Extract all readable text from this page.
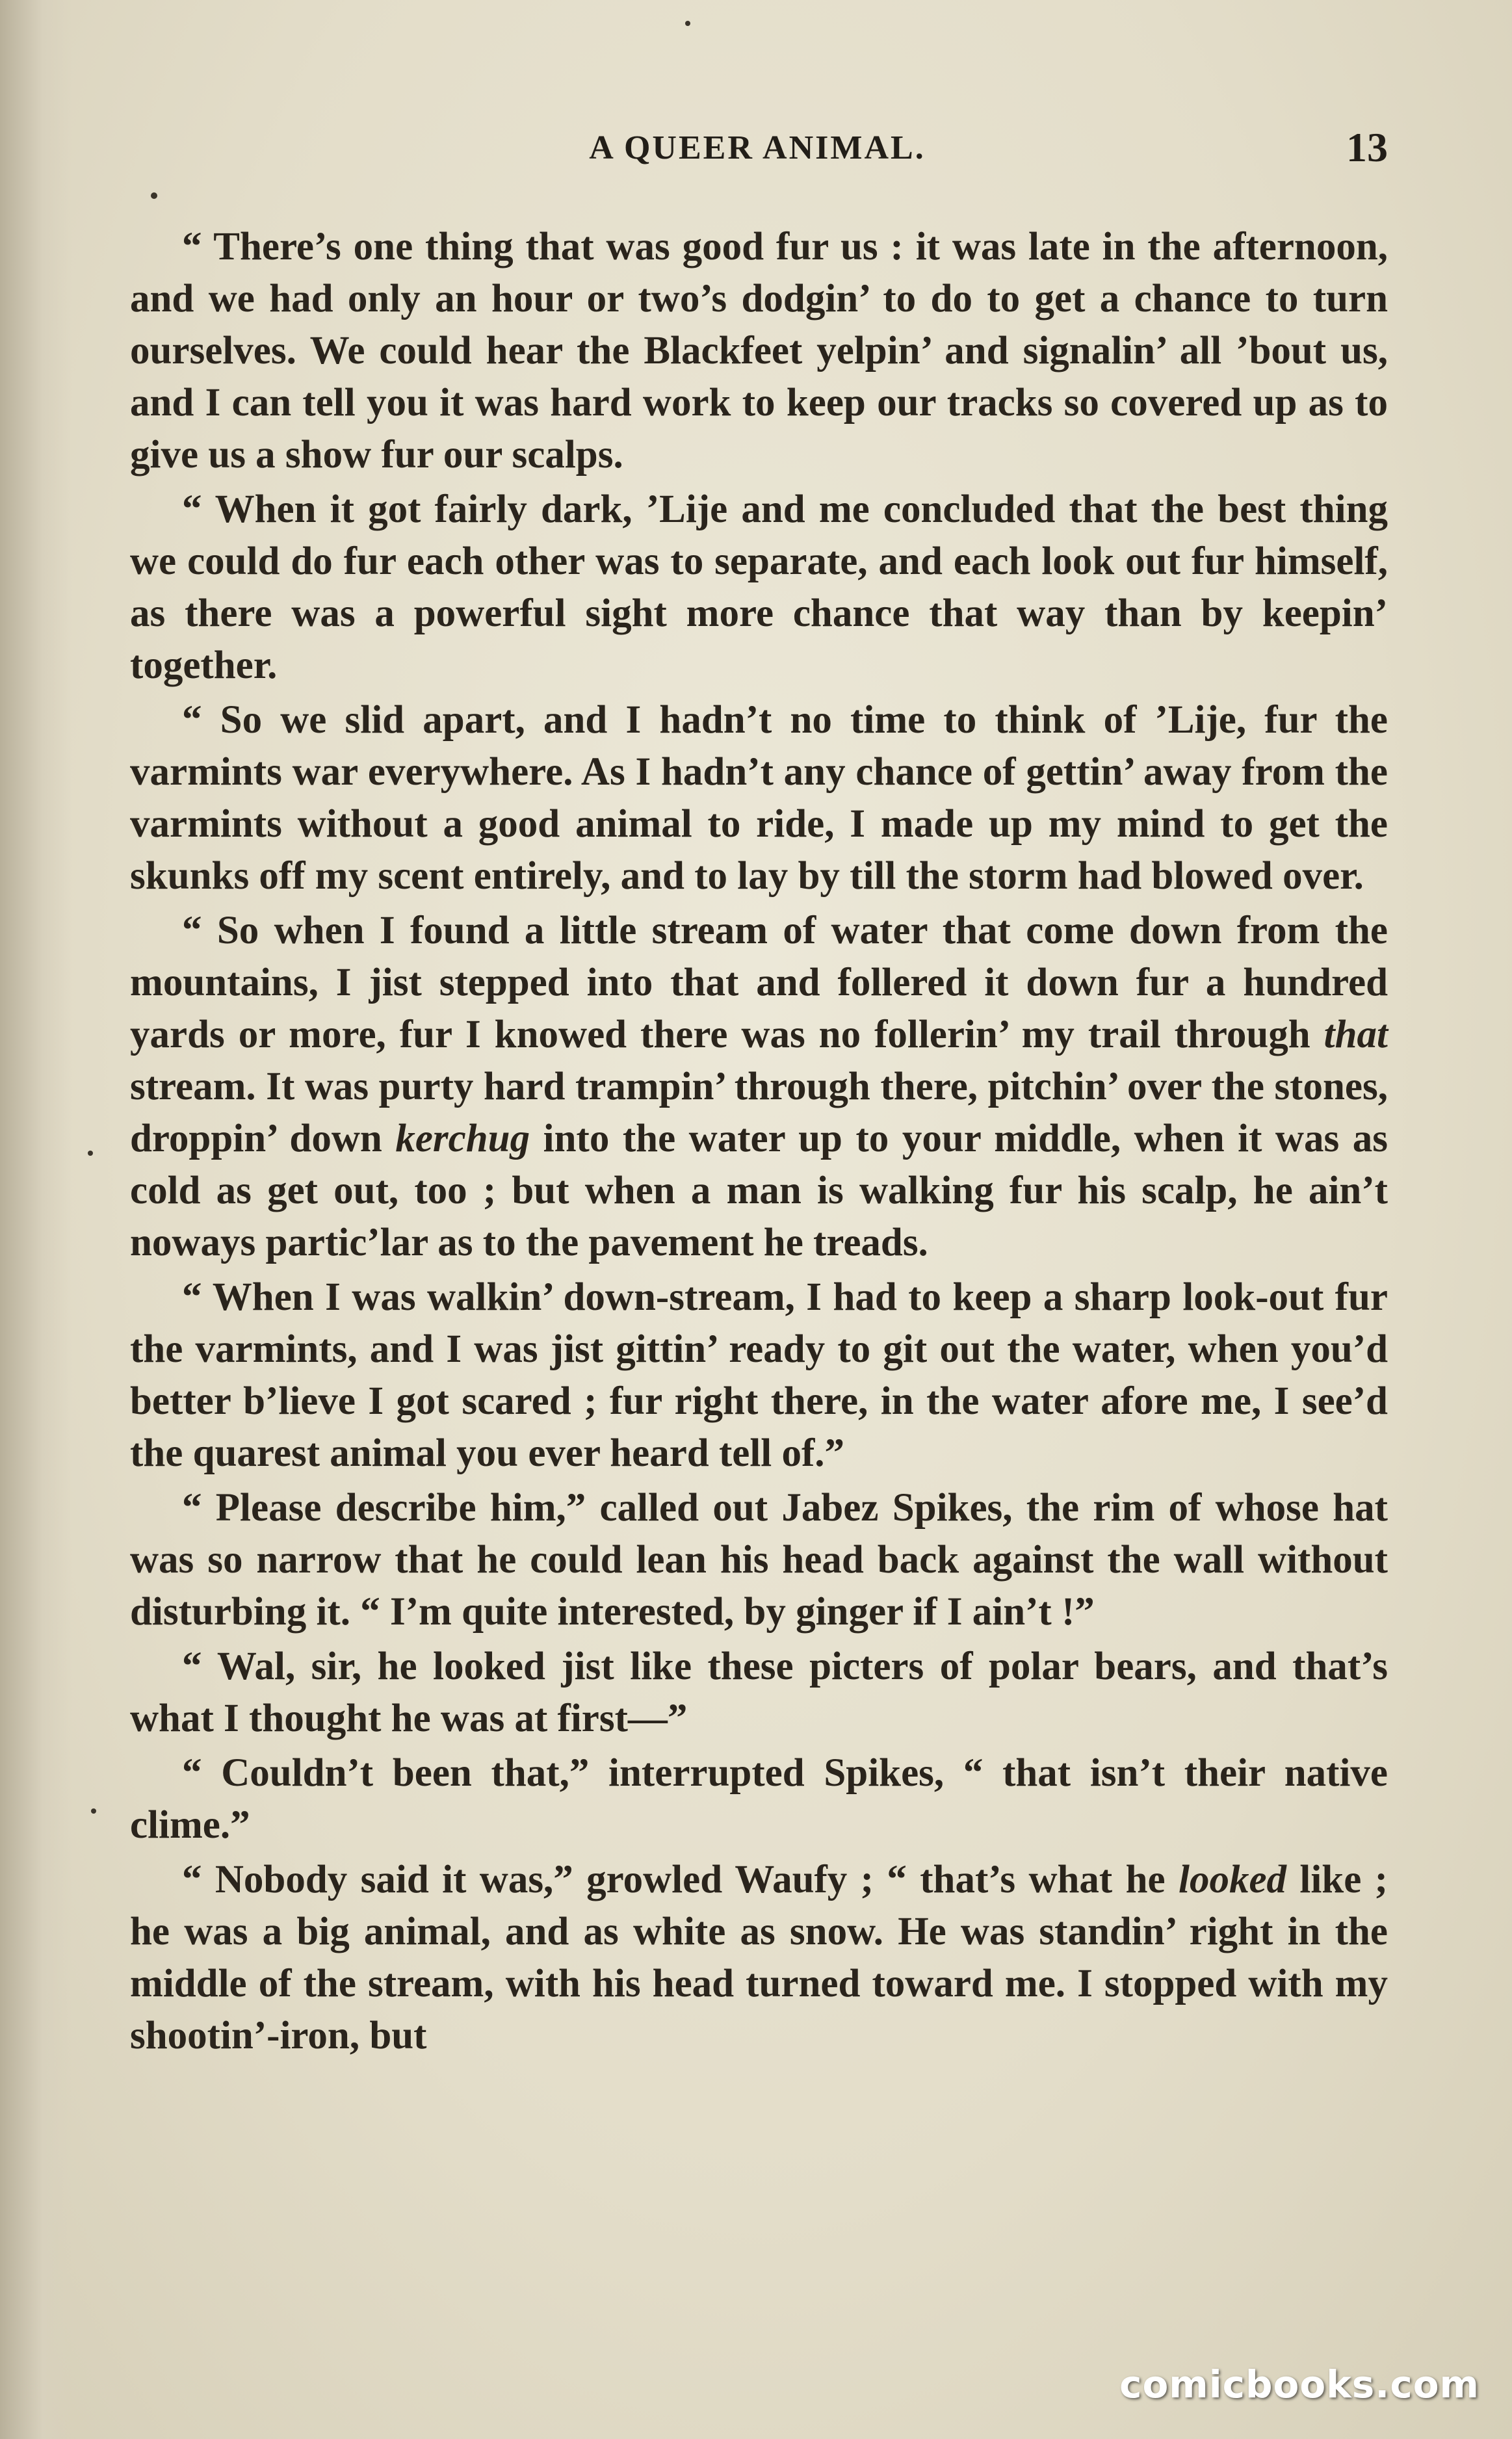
A QUEER ANIMAL.	13

“ There’s one thing that was good fur us : it was late in the afternoon, and we had only an hour or two’s dodgin’ to do to get a chance to turn ourselves. We could hear the Blackfeet yelpin’ and signalin’ all ’bout us, and I can tell you it was hard work to keep our tracks so covered up as to give us a show fur our scalps.

“ When it got fairly dark, ’Lije and me concluded that the best thing we could do fur each other was to separate, and each look out fur himself, as there was a powerful sight more chance that way than by keepin’ together.

“ So we slid apart, and I hadn’t no time to think of ’Lije, fur the varmints war everywhere. As I hadn’t any chance of gettin’ away from the varmints without a good animal to ride, I made up my mind to get the skunks off my scent entirely, and to lay by till the storm had blowed over.

“ So when I found a little stream of water that come down from the mountains, I jist stepped into that and follered it down fur a hundred yards or more, fur I knowed there was no follerin’ my trail through that stream. It was purty hard trampin’ through there, pitchin’ over the stones, droppin’ down kerchug into the water up to your middle, when it was as cold as get out, too ; but when a man is walking fur his scalp, he ain’t noways partic’lar as to the pavement he treads.

“ When I was walkin’ down-stream, I had to keep a sharp look-out fur the varmints, and I was jist gittin’ ready to git out the water, when you’d better b’lieve I got scared ; fur right there, in the water afore me, I see’d the quarest animal you ever heard tell of.”

“ Please describe him,” called out Jabez Spikes, the rim of whose hat was so narrow that he could lean his head back against the wall without disturbing it. “ I’m quite interested, by ginger if I ain’t !”

“ Wal, sir, he looked jist like these picters of polar bears, and that’s what I thought he was at first—”

“ Couldn’t been that,” interrupted Spikes, “ that isn’t their native clime.”

“ Nobody said it was,” growled Waufy ; “ that’s what he looked like ; he was a big animal, and as white as snow. He was standin’ right in the middle of the stream, with his head turned toward me. I stopped with my shootin’-iron, but

comicbooks.com
